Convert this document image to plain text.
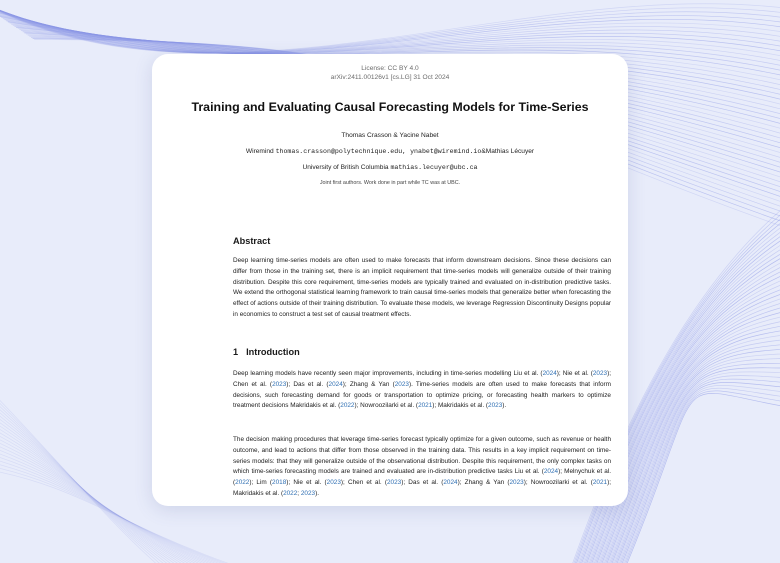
License: CC BY 4.0
arXiv:2411.00126v1 [cs.LG] 31 Oct 2024
Training and Evaluating Causal Forecasting Models for Time-Series
Thomas Crasson & Yacine Nabet
Wiremind thomas.crasson@polytechnique.edu, ynabet@wiremind.io&Mathias Lécuyer
University of British Columbia mathias.lecuyer@ubc.ca
Joint first authors. Work done in part while TC was at UBC.
Abstract
Deep learning time-series models are often used to make forecasts that inform downstream decisions. Since these decisions can differ from those in the training set, there is an implicit requirement that time-series models will generalize outside of their training distribution. Despite this core requirement, time-series models are typically trained and evaluated on in-distribution predictive tasks. We extend the orthogonal statistical learning framework to train causal time-series models that generalize better when forecasting the effect of actions outside of their training distribution. To evaluate these models, we leverage Regression Discontinuity Designs popular in economics to construct a test set of causal treatment effects.
1 Introduction
Deep learning models have recently seen major improvements, including in time-series modelling Liu et al. (2024); Nie et al. (2023); Chen et al. (2023); Das et al. (2024); Zhang & Yan (2023). Time-series models are often used to make forecasts that inform decisions, such forecasting demand for goods or transportation to optimize pricing, or forecasting health markers to optimize treatment decisions Makridakis et al. (2022); Nowroozilarki et al. (2021); Makridakis et al. (2023).
The decision making procedures that leverage time-series forecast typically optimize for a given outcome, such as revenue or health outcome, and lead to actions that differ from those observed in the training data. This results in a key implicit requirement on time-series models: that they will generalize outside of the observational distribution. Despite this requirement, the only complex tasks on which time-series forecasting models are trained and evaluated are in-distribution predictive tasks Liu et al. (2024); Melnychuk et al. (2022); Lim (2018); Nie et al. (2023); Chen et al. (2023); Das et al. (2024); Zhang & Yan (2023); Nowroozilarki et al. (2021); Makridakis et al. (2022; 2023).
